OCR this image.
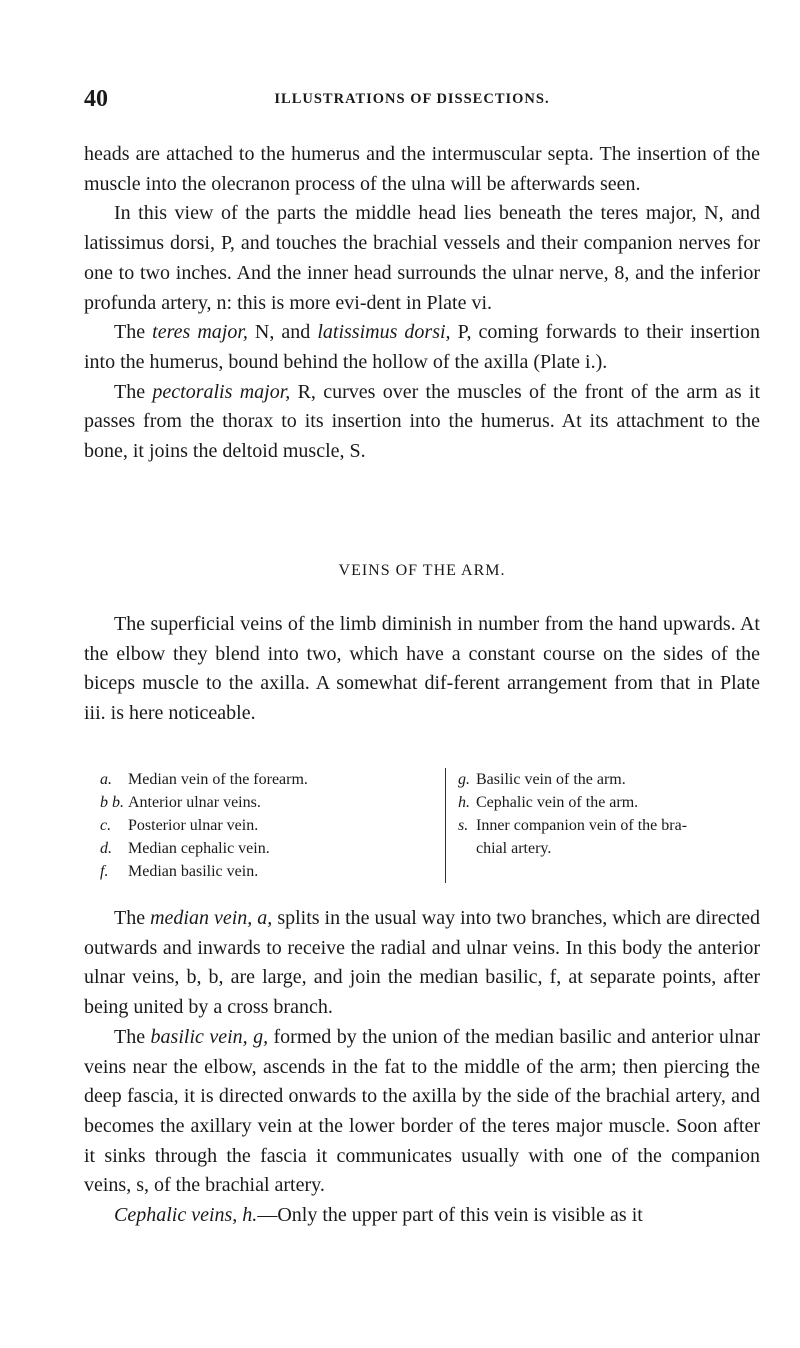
40	ILLUSTRATIONS OF DISSECTIONS.

heads are attached to the humerus and the intermuscular septa. The insertion of the muscle into the olecranon process of the ulna will be afterwards seen.

In this view of the parts the middle head lies beneath the teres major, N, and latissimus dorsi, P, and touches the brachial vessels and their companion nerves for one to two inches. And the inner head surrounds the ulnar nerve, 8, and the inferior profunda artery, n: this is more evi-dent in Plate vi.

The teres major, N, and latissimus dorsi, P, coming forwards to their insertion into the humerus, bound behind the hollow of the axilla (Plate i.).

The pectoralis major, R, curves over the muscles of the front of the arm as it passes from the thorax to its insertion into the humerus. At its attachment to the bone, it joins the deltoid muscle, S.

VEINS OF THE ARM.

The superficial veins of the limb diminish in number from the hand upwards. At the elbow they blend into two, which have a constant course on the sides of the biceps muscle to the axilla. A somewhat dif-ferent arrangement from that in Plate iii. is here noticeable.

a.	Median vein of the forearm.
b b. Anterior ulnar veins.
c.	Posterior ulnar vein.
d.	Median cephalic vein.
f.	Median basilic vein.
g. Basilic vein of the arm.
h. Cephalic vein of the arm.
s. Inner companion vein of the bra-
chial artery.

The median vein, a, splits in the usual way into two branches, which are directed outwards and inwards to receive the radial and ulnar veins. In this body the anterior ulnar veins, b, b, are large, and join the median basilic, f, at separate points, after being united by a cross branch.

The basilic vein, g, formed by the union of the median basilic and anterior ulnar veins near the elbow, ascends in the fat to the middle of the arm; then piercing the deep fascia, it is directed onwards to the axilla by the side of the brachial artery, and becomes the axillary vein at the lower border of the teres major muscle. Soon after it sinks through the fascia it communicates usually with one of the companion veins, s, of the brachial artery.

Cephalic veins, h.—Only the upper part of this vein is visible as it
